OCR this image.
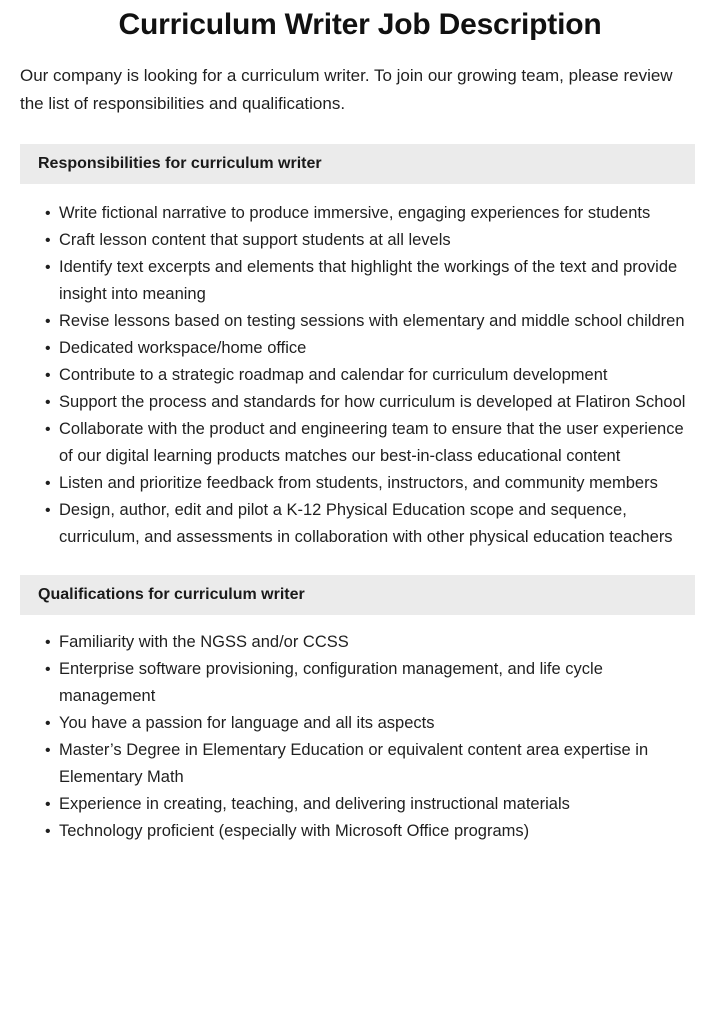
Curriculum Writer Job Description

Our company is looking for a curriculum writer. To join our growing team, please review the list of responsibilities and qualifications.

Responsibilities for curriculum writer
• Write fictional narrative to produce immersive, engaging experiences for students
• Craft lesson content that support students at all levels
• Identify text excerpts and elements that highlight the workings of the text and provide insight into meaning
• Revise lessons based on testing sessions with elementary and middle school children
• Dedicated workspace/home office
• Contribute to a strategic roadmap and calendar for curriculum development
• Support the process and standards for how curriculum is developed at Flatiron School
• Collaborate with the product and engineering team to ensure that the user experience of our digital learning products matches our best-in-class educational content
• Listen and prioritize feedback from students, instructors, and community members
• Design, author, edit and pilot a K-12 Physical Education scope and sequence, curriculum, and assessments in collaboration with other physical education teachers
Qualifications for curriculum writer
• Familiarity with the NGSS and/or CCSS
• Enterprise software provisioning, configuration management, and life cycle management
• You have a passion for language and all its aspects
• Master’s Degree in Elementary Education or equivalent content area expertise in Elementary Math
• Experience in creating, teaching, and delivering instructional materials
• Technology proficient (especially with Microsoft Office programs)
